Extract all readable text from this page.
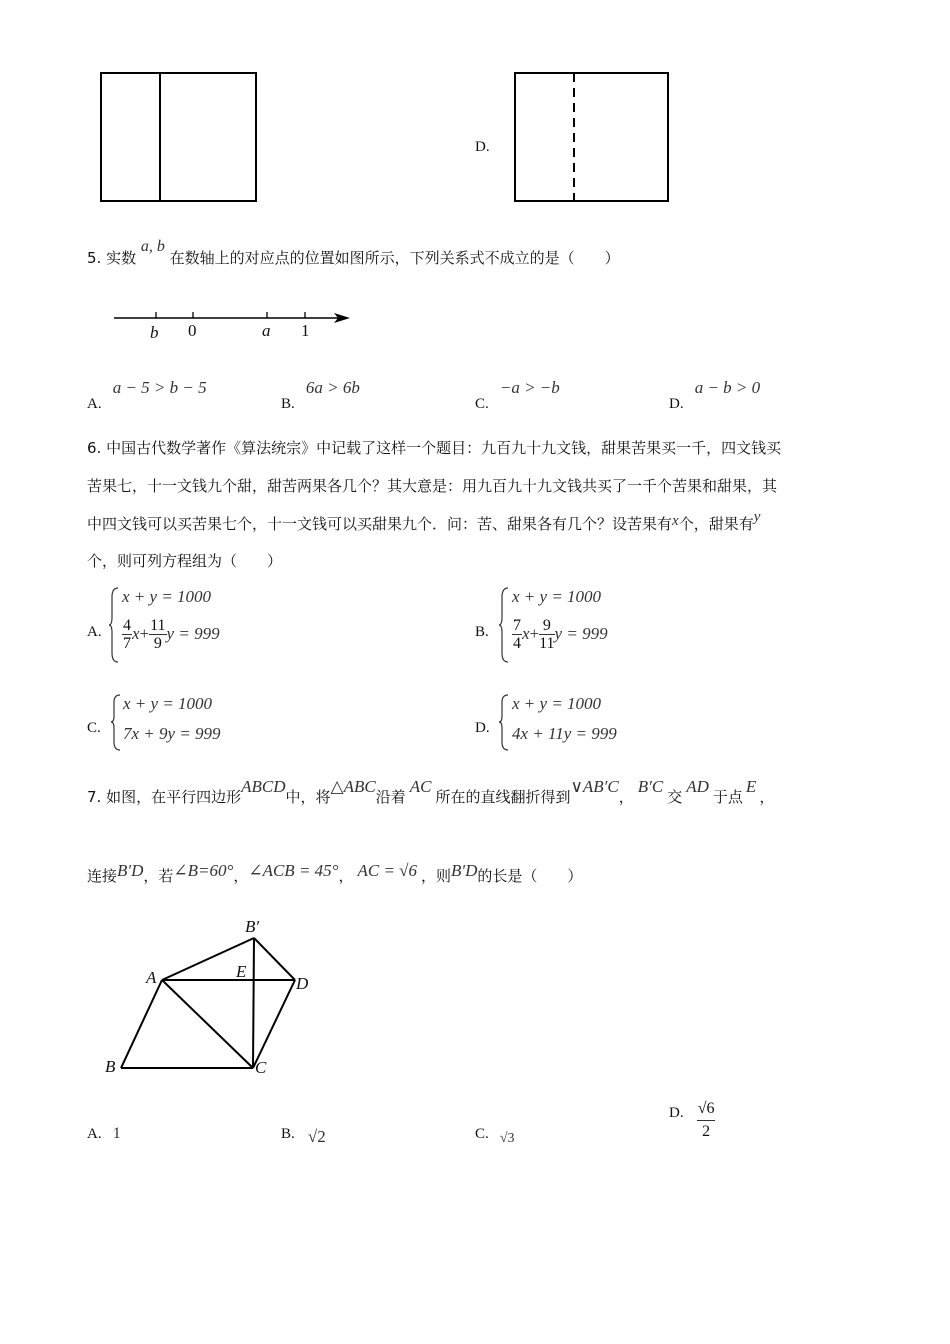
D.
5. 实数 a, b 在数轴上的对应点的位置如图所示，下列关系式不成立的是（　　）
b 0	a 1
A. a − 5 > b − 5
B. 6a > 6b
C. −a > −b
D. a − b > 0
6. 中国古代数学著作《算法统宗》中记载了这样一个题目：九百九十九文钱，甜果苦果买一千，四文钱买
苦果七，十一文钱九个甜，甜苦两果各几个？其大意是：用九百九十九文钱共买了一千个苦果和甜果，其
中四文钱可以买苦果七个，十一文钱可以买甜果九个．问：苦、甜果各有几个？设苦果有x个，甜果有y
个，则可列方程组为（　　）
A.
x + y = 1000
$\frac{4}{7} x+ \frac{11}{9}$ y = 999	B.
x + y = 1000
$\frac{7}{4} x+ \frac{9}{11}$ y = 999
C.
x + y = 1000
7x + 9y = 999	D.
x + y = 1000
4x + 11y = 999
7. 如图，在平行四边形ABCD中，将△ABC沿着AC所在的直线翻折得到∨AB′C，B′C交AD于点E，
连接B′D，若∠B=60°，∠ACB = 45°， AC = √6 ，则B′D的长是（　　）
B′
A	E
D
B	C
A. 1	B. √2	C. √3
D. $\frac{√6}{2}$
